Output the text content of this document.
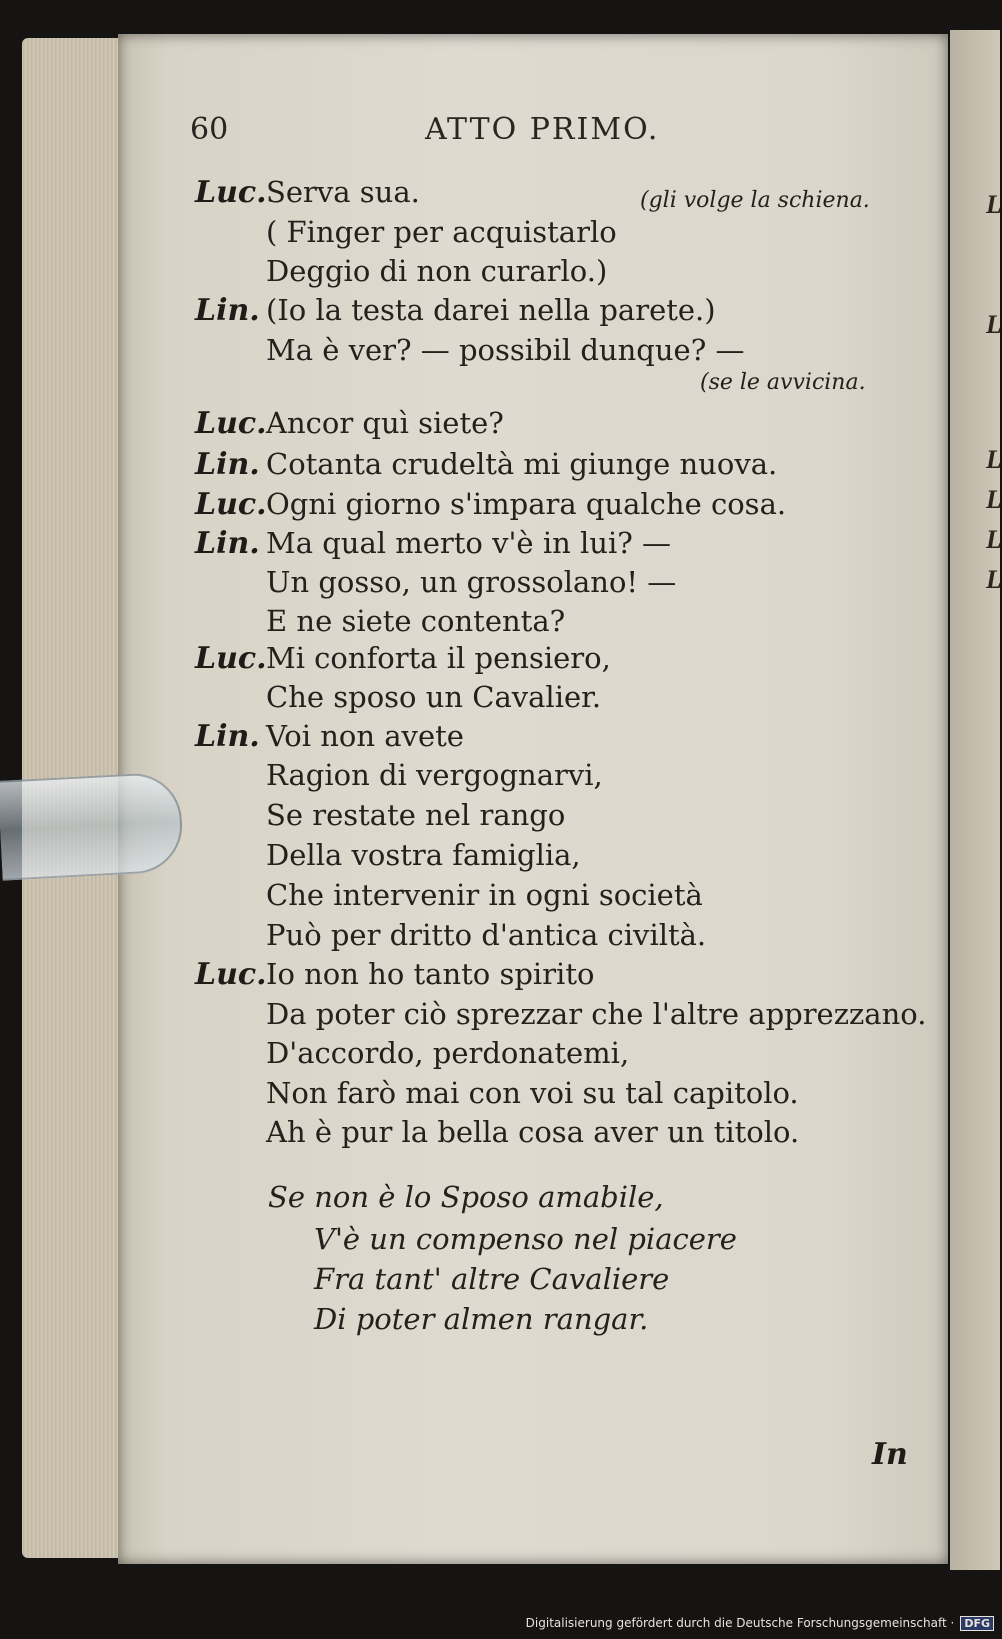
L
L
L
L
L
L
60	ATTO PRIMO.
Luc. Serva sua.	(gli volge la schiena.
( Finger per acquistarlo
Deggio di non curarlo.)
Lin. (Io la testa darei nella parete.)
Ma è ver? — possibil dunque? —
(se le avvicina.
Luc. Ancor quì siete?
Lin. Cotanta crudeltà mi giunge nuova.
Luc. Ogni giorno s'impara qualche cosa.
Lin. Ma qual merto v'è in lui? —
Un gosso, un grossolano! —
E ne siete contenta?
Luc. Mi conforta il pensiero,
Che sposo un Cavalier.
Lin. Voi non avete
Ragion di vergognarvi,
Se restate nel rango
Della vostra famiglia,
Che intervenir in ogni società
Può per dritto d'antica civiltà.
Luc. Io non ho tanto spirito
Da poter ciò sprezzar che l'altre apprezzano.
D'accordo, perdonatemi,
Non farò mai con voi su tal capitolo.
Ah è pur la bella cosa aver un titolo.
Se non è lo Sposo amabile,
V'è un compenso nel piacere
Fra tant' altre Cavaliere
Di poter almen rangar.
In
Digitalisierung gefördert durch die Deutsche Forschungsgemeinschaft · DFG
